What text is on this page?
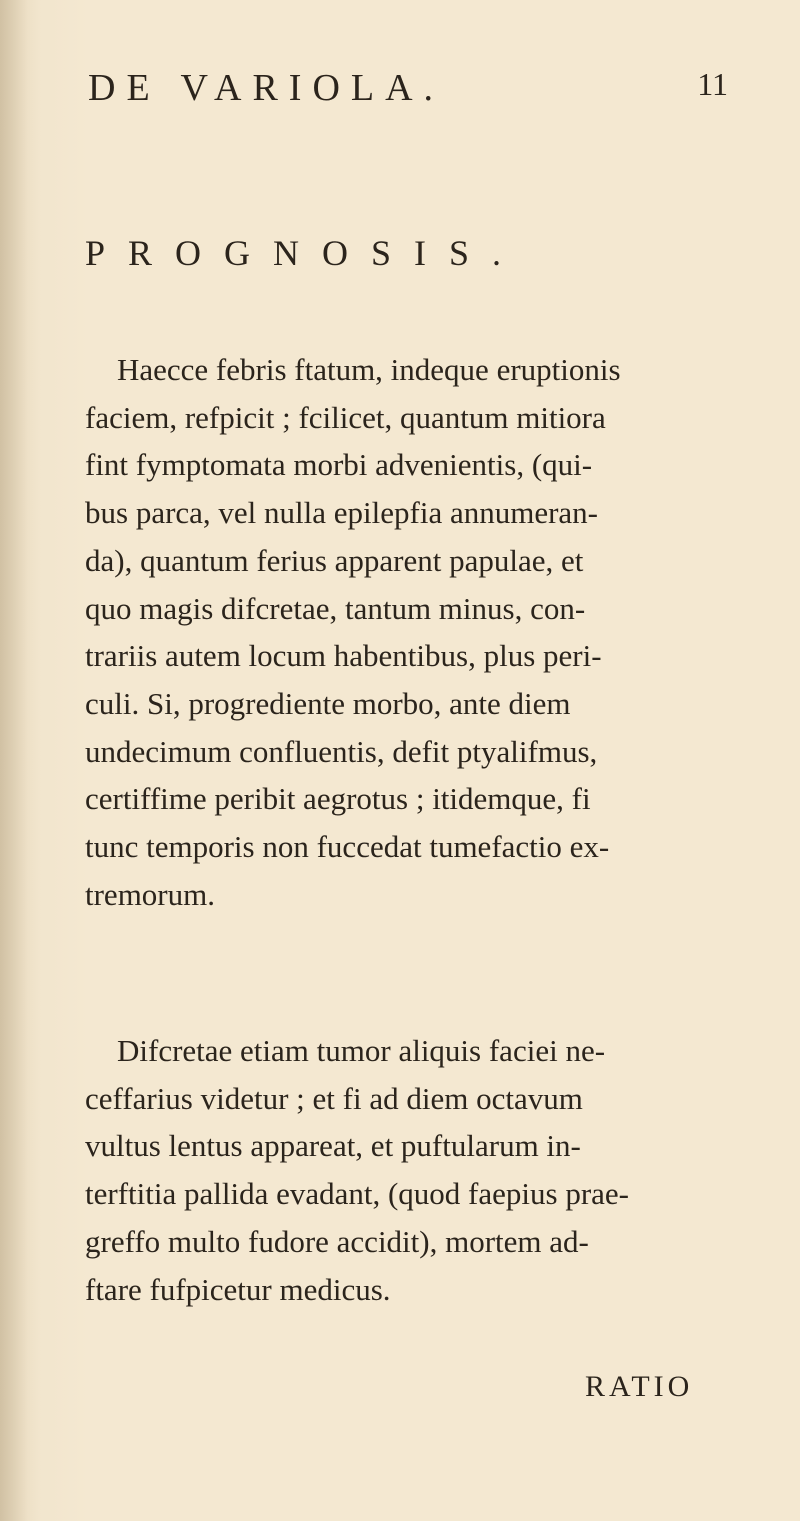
DE VARIOLA.	11
PROGNOSIS.

Haecce febris ftatum, indeque eruptionis
faciem, refpicit ; fcilicet, quantum mitiora
fint fymptomata morbi advenientis, (qui-
bus parca, vel nulla epilepfia annumeran-
da), quantum ferius apparent papulae, et
quo magis difcretae, tantum minus, con-
trariis autem locum habentibus, plus peri-
culi. Si, progrediente morbo, ante diem
undecimum confluentis, defit ptyalifmus,
certiffime peribit aegrotus ; itidemque, fi
tunc temporis non fuccedat tumefactio ex-
tremorum.

Difcretae etiam tumor aliquis faciei ne-
ceffarius videtur ; et fi ad diem octavum
vultus lentus appareat, et puftularum in-
terftitia pallida evadant, (quod faepius prae-
greffo multo fudore accidit), mortem ad-
ftare fufpicetur medicus.

RATIO
